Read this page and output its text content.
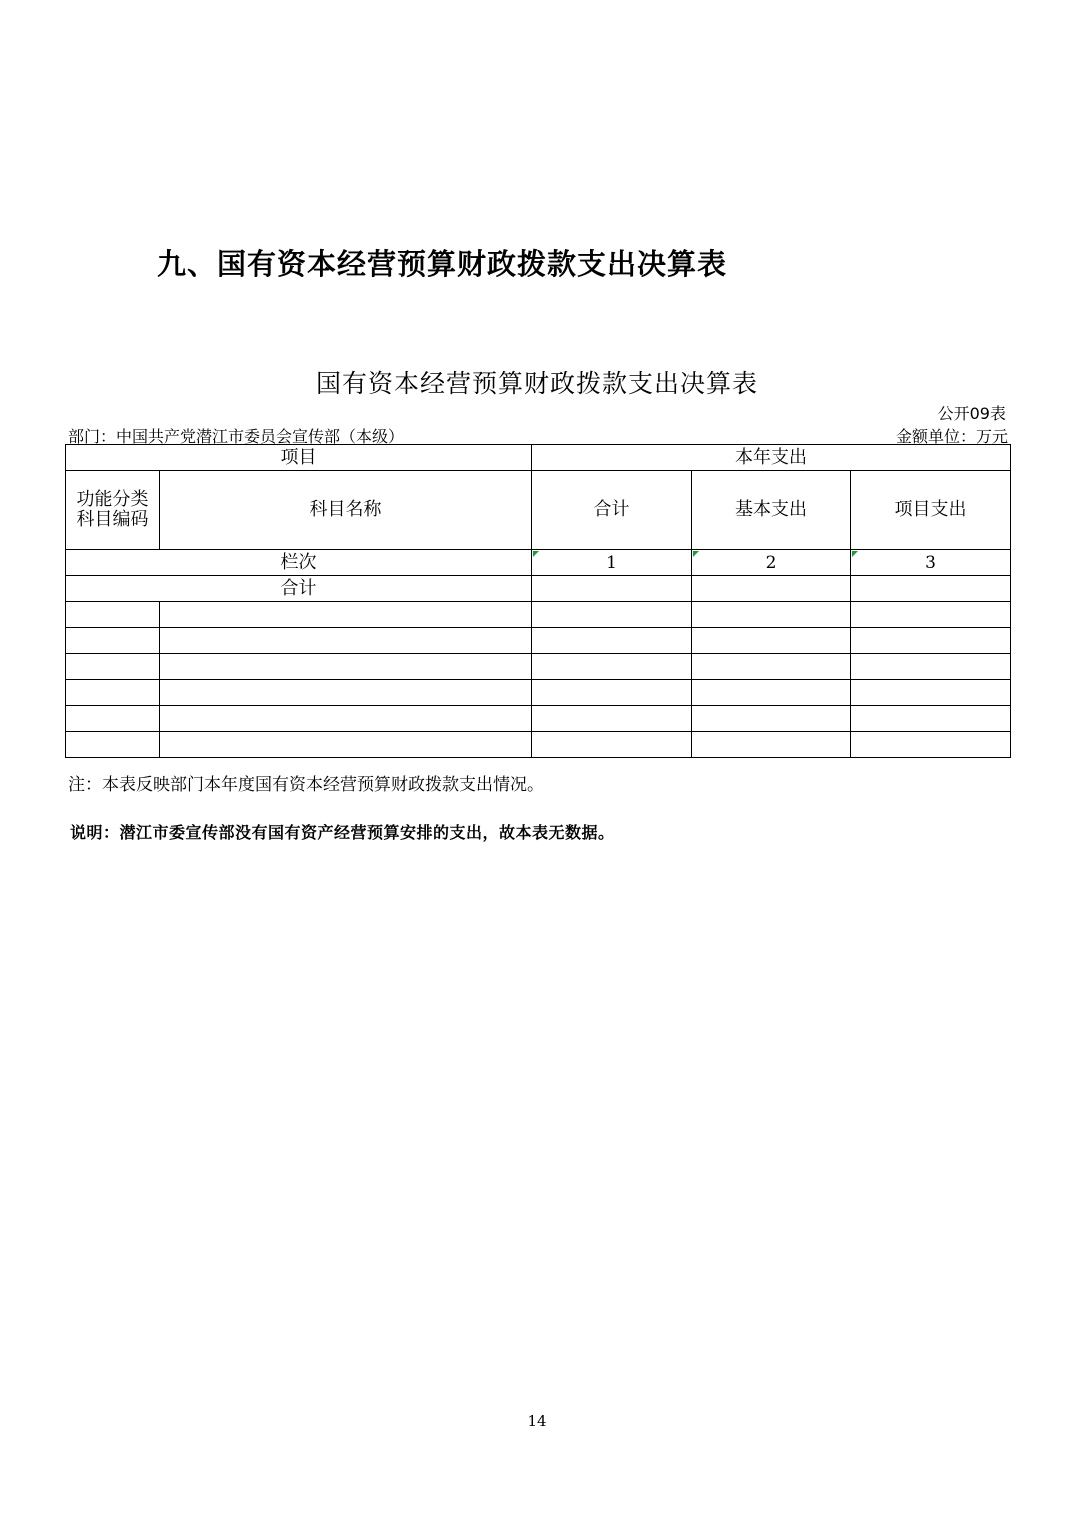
九、国有资本经营预算财政拨款支出决算表
国有资本经营预算财政拨款支出决算表
公开09表
部门：中国共产党潜江市委员会宣传部（本级）	金额单位：万元
项目		本年支出		
功能分类
科目编码	科目名称	合计	基本支出	项目支出
栏次		1	2	3
合计				

注：本表反映部门本年度国有资本经营预算财政拨款支出情况。
说明：潜江市委宣传部没有国有资产经营预算安排的支出，故本表无数据。
14
